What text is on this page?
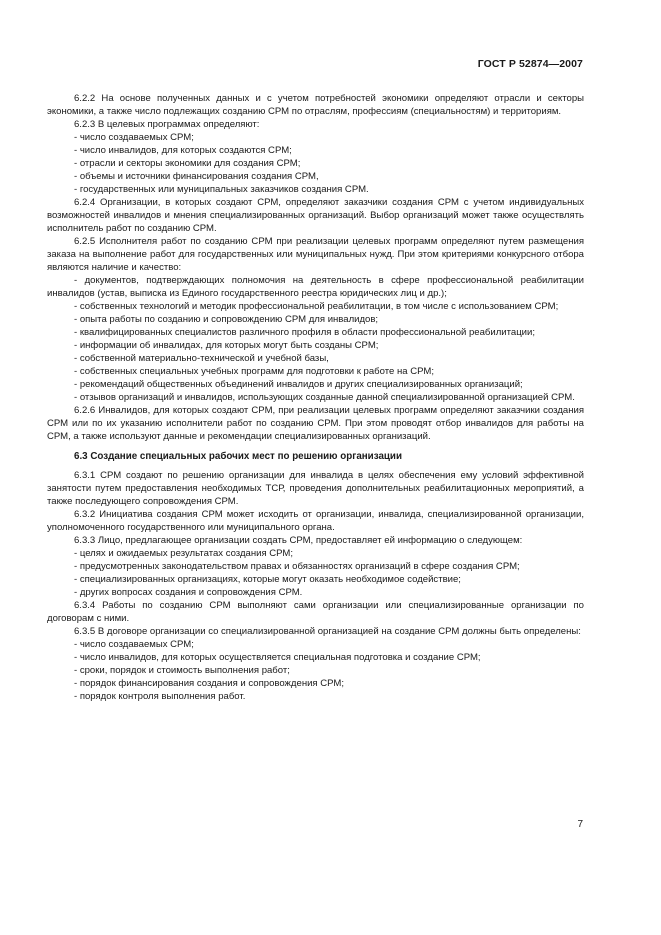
ГОСТ Р 52874—2007

6.2.2 На основе полученных данных и с учетом потребностей экономики определяют отрасли и секторы экономики, а также число подлежащих созданию СРМ по отраслям, профессиям (специальностям) и территориям.

6.2.3 В целевых программах определяют:

- число создаваемых СРМ;

- число инвалидов, для которых создаются СРМ;

- отрасли и секторы экономики для создания СРМ;

- объемы и источники финансирования создания СРМ,

- государственных или муниципальных заказчиков создания СРМ.

6.2.4 Организации, в которых создают СРМ, определяют заказчики создания СРМ с учетом индивидуальных возможностей инвалидов и мнения специализированных организаций. Выбор организаций может также осуществлять исполнитель работ по созданию СРМ.

6.2.5 Исполнителя работ по созданию СРМ при реализации целевых программ определяют путем размещения заказа на выполнение работ для государственных или муниципальных нужд. При этом критериями конкурсного отбора являются наличие и качество:

- документов, подтверждающих полномочия на деятельность в сфере профессиональной реабилитации инвалидов (устав, выписка из Единого государственного реестра юридических лиц и др.);

- собственных технологий и методик профессиональной реабилитации, в том числе с использованием СРМ;

- опыта работы по созданию и сопровождению СРМ для инвалидов;

- квалифицированных специалистов различного профиля в области профессиональной реабилитации;

- информации об инвалидах, для которых могут быть созданы СРМ;

- собственной материально-технической и учебной базы,

- собственных специальных учебных программ для подготовки к работе на СРМ;

- рекомендаций общественных объединений инвалидов и других специализированных организаций;

- отзывов организаций и инвалидов, использующих созданные данной специализированной организацией СРМ.

6.2.6 Инвалидов, для которых создают СРМ, при реализации целевых программ определяют заказчики создания СРМ или по их указанию исполнители работ по созданию СРМ. При этом проводят отбор инвалидов для работы на СРМ, а также используют данные и рекомендации специализированных организаций.

6.3 Создание специальных рабочих мест по решению организации

6.3.1 СРМ создают по решению организации для инвалида в целях обеспечения ему условий эффективной занятости путем предоставления необходимых ТСР, проведения дополнительных реабилитационных мероприятий, а также последующего сопровождения СРМ.

6.3.2 Инициатива создания СРМ может исходить от организации, инвалида, специализированной организации, уполномоченного государственного или муниципального органа.

6.3.3 Лицо, предлагающее организации создать СРМ, предоставляет ей информацию о следующем:

- целях и ожидаемых результатах создания СРМ;

- предусмотренных законодательством правах и обязанностях организаций в сфере создания СРМ;

- специализированных организациях, которые могут оказать необходимое содействие;

- других вопросах создания и сопровождения СРМ.

6.3.4 Работы по созданию СРМ выполняют сами организации или специализированные организации по договорам с ними.

6.3.5 В договоре организации со специализированной организацией на создание СРМ должны быть определены:

- число создаваемых СРМ;

- число инвалидов, для которых осуществляется специальная подготовка и создание СРМ;

- сроки, порядок и стоимость выполнения работ;

- порядок финансирования создания и сопровождения СРМ;

- порядок контроля выполнения работ.

7
